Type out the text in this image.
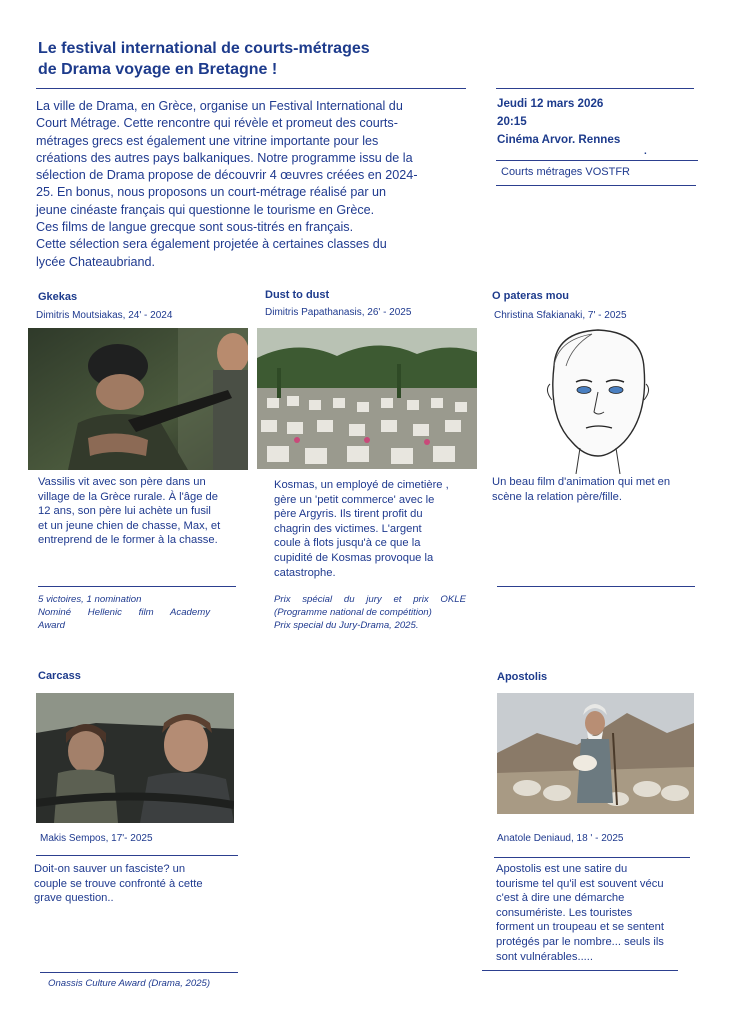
Le festival international de courts-métrages
de Drama voyage en Bretagne !
La ville de Drama, en Grèce, organise un Festival International du
Court Métrage. Cette rencontre qui révèle et promeut des courts-
métrages grecs est également une vitrine importante pour les
créations des autres pays balkaniques. Notre programme issu de la
sélection de Drama propose de découvrir 4 œuvres créées en 2024-
25. En bonus, nous proposons un court-métrage réalisé par un
jeune cinéaste français qui questionne le tourisme en Grèce.
Ces films de langue grecque sont sous-titrés en français.
Cette sélection sera également projetée à certaines classes du
lycée Chateaubriand.
Jeudi 12 mars 2026
20:15
Cinéma Arvor. Rennes
.
Courts métrages VOSTFR
Gkekas
Dimitris Moutsiakas, 24' - 2024
Vassilis vit avec son père dans un
village de la Grèce rurale. À l'âge de
12 ans, son père lui achète un fusil
et un jeune chien de chasse, Max, et
entreprend de le former à la chasse.
5 victoires, 1 nomination
Nominé Hellenic film Academy
Award
Dust to dust
Dimitris Papathanasis, 26' - 2025
Kosmas, un employé de cimetière ,
gère un 'petit commerce' avec le
père Argyris. Ils tirent profit du
chagrin des victimes. L'argent
coule à flots jusqu'à ce que la
cupidité de Kosmas provoque la
catastrophe.
Prix spécial du jury et prix OKLE
(Programme national de compétition)
Prix special du Jury-Drama, 2025.
O pateras mou
Christina Sfakianaki, 7' - 2025
Un beau film d'animation qui met en
scène la relation père/fille.
Carcass
Makis Sempos, 17'- 2025
Doit-on sauver un fasciste? un
couple se trouve confronté à cette
grave question..
Onassis Culture Award (Drama, 2025)
Apostolis
Anatole Deniaud, 18 ' - 2025
Apostolis est une satire du
tourisme tel qu'il est souvent vécu
c'est à dire une démarche
consumériste. Les touristes
forment un troupeau et se sentent
protégés par le nombre... seuls ils
sont vulnérables.....
